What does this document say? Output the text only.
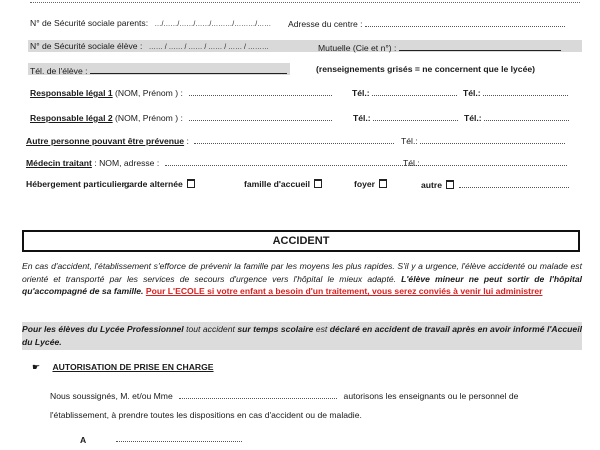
N° de Sécurité sociale parents: …/……/……/……/………/………/…… Adresse du centre :
N° de Sécurité sociale élève : …… / …… / …… / …… / …… / ………	Mutuelle (Cie et n°) :
Tél. de l'élève :	(renseignements grisés = ne concernent que le lycée)
Responsable légal 1 (NOM, Prénom ) :	Tél.:	Tél.:
Responsable légal 2 (NOM, Prénom ) :	Tél.:	Tél.:
Autre personne pouvant être prévenue :	Tél.:
Médecin traitant : NOM, adresse :	Tél.:
Hébergement particulier :
garde alternée	famille d'accueil	foyer	autre
ACCIDENT
En cas d'accident, l'établissement s'efforce de prévenir la famille par les moyens les plus rapides. S'il y a urgence, l'élève accidenté ou malade est orienté et transporté par les services de secours d'urgence vers l'hôpital le mieux adapté. L'élève mineur ne peut sortir de l'hôpital qu'accompagné de sa famille. Pour L'ECOLE si votre enfant a besoin d'un traitement, vous serez conviés à venir lui administrer
Pour les élèves du Lycée Professionnel tout accident sur temps scolaire est déclaré en accident de travail après en avoir informé l'Accueil du Lycée.
☛ AUTORISATION DE PRISE EN CHARGE
Nous soussignés, M. et/ou Mme	autorisons les enseignants ou le personnel de
l'établissement, à prendre toutes les dispositions en cas d'accident ou de maladie.
A
